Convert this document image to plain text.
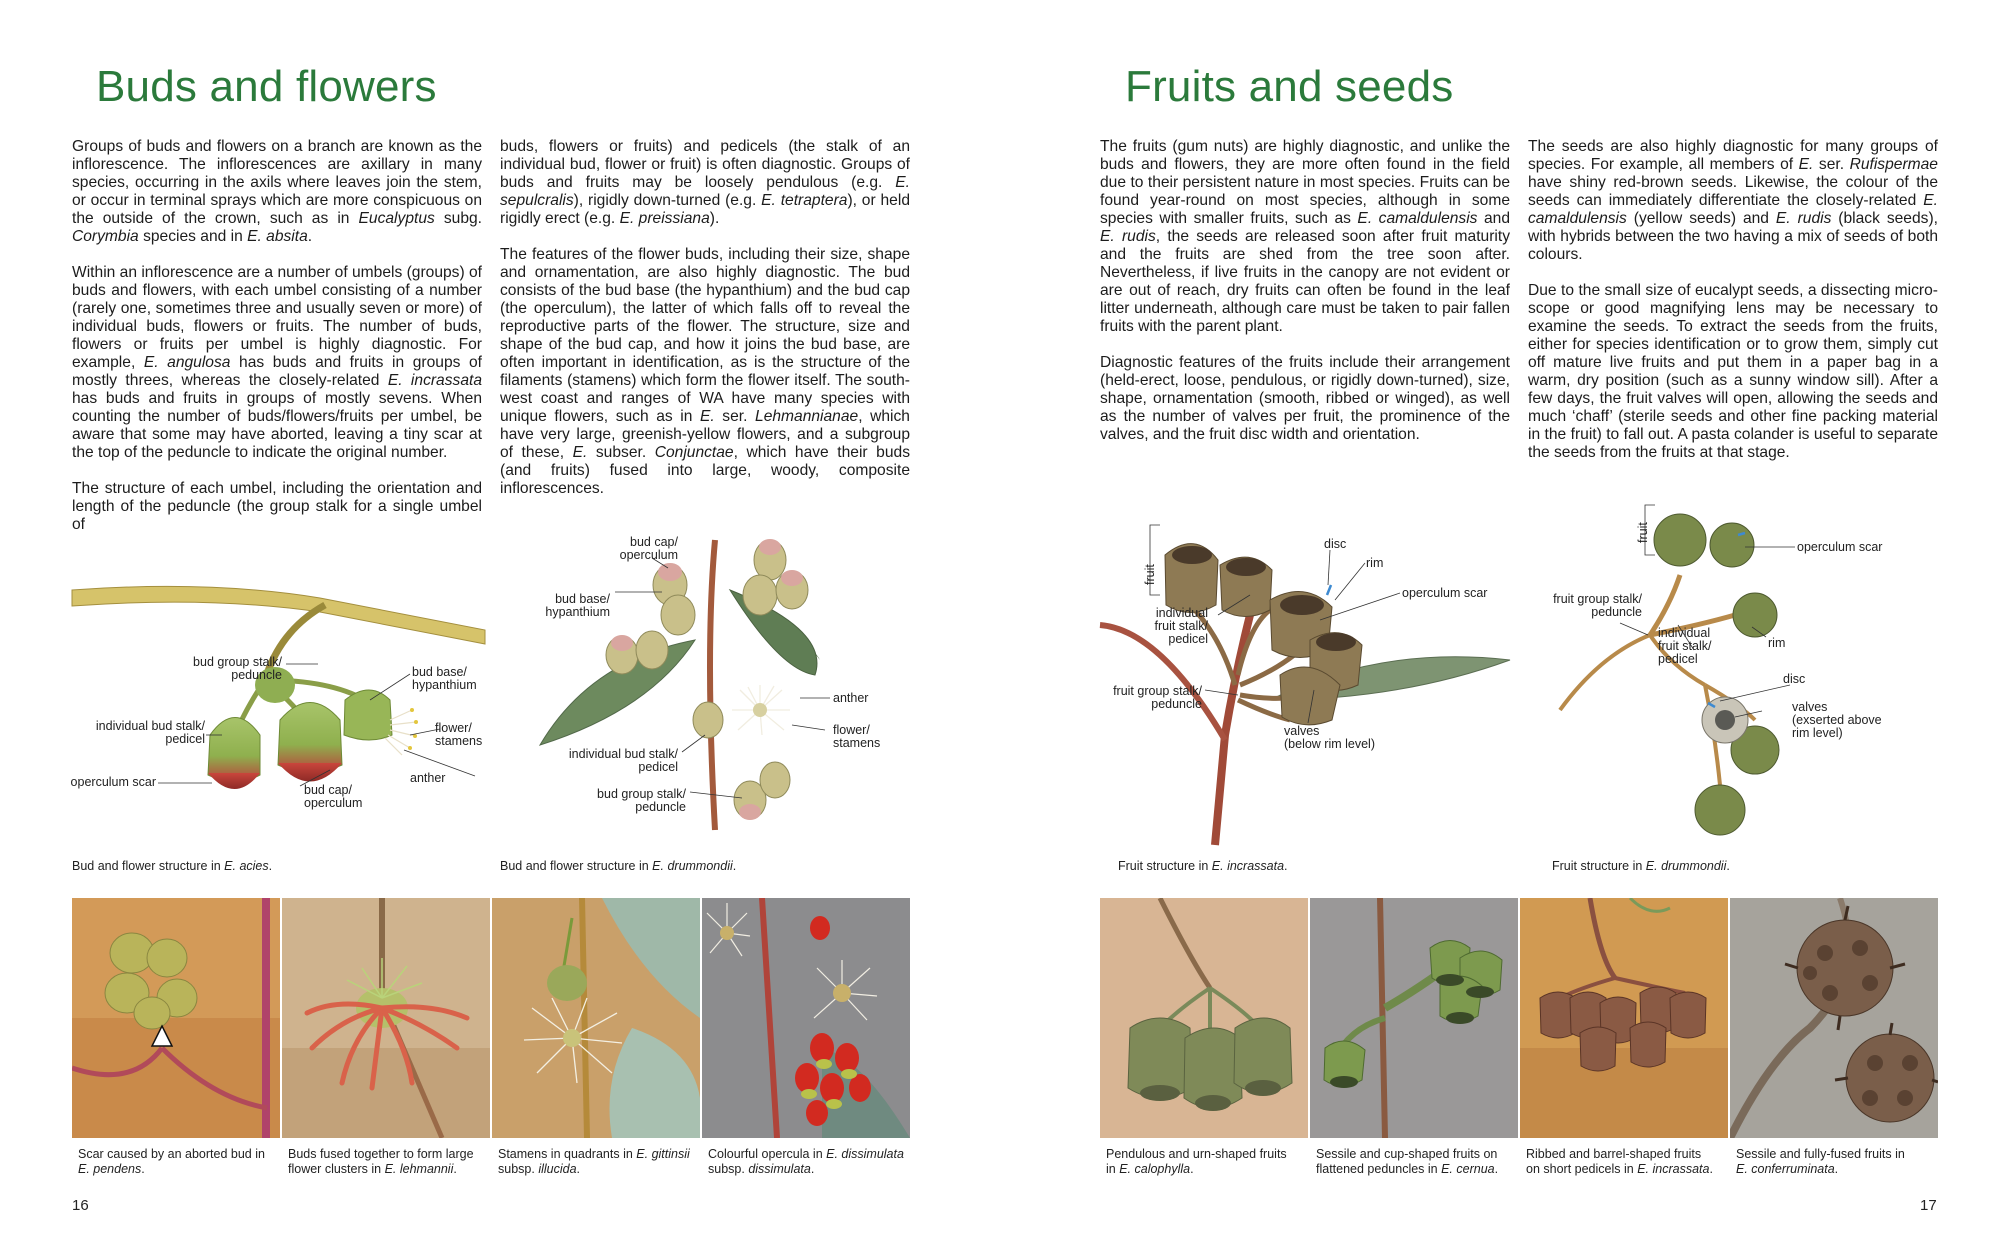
Buds and flowers

Groups of buds and flowers on a branch are known as the inflorescence. The inflorescences are axillary in many species, occurring in the axils where leaves join the stem, or occur in terminal sprays which are more conspicuous on the outside of the crown, such as in Eucalyptus subg. Corymbia species and in E. absita.

Within an inflorescence are a number of umbels (groups) of buds and flowers, with each umbel consisting of a number (rarely one, sometimes three and usually seven or more) of individual buds, flowers or fruits. The number of buds, flowers or fruits per umbel is highly diagnostic. For example, E. angulosa has buds and fruits in groups of mostly threes, whereas the closely-related E. incrassata has buds and fruits in groups of mostly sevens. When counting the number of buds/flowers/fruits per umbel, be aware that some may have aborted, leaving a tiny scar at the top of the peduncle to indicate the original number.

The structure of each umbel, including the orientation and length of the peduncle (the group stalk for a single umbel of

buds, flowers or fruits) and pedicels (the stalk of an individual bud, flower or fruit) is often diagnostic. Groups of buds and fruits may be loosely pendulous (e.g. E. sepulcralis), rigidly down-turned (e.g. E. tetraptera), or held rigidly erect (e.g. E. preissiana).

The features of the flower buds, including their size, shape and ornamentation, are also highly diagnostic. The bud consists of the bud base (the hypanthium) and the bud cap (the operculum), the latter of which falls off to reveal the reproductive parts of the flower. The structure, size and shape of the bud cap, and how it joins the bud base, are often important in identification, as is the structure of the filaments (stamens) which form the flower itself. The south-west coast and ranges of WA have many species with unique flowers, such as in E. ser. Lehmannianae, which have very large, greenish-yellow flowers, and a subgroup of these, E. subser. Conjunctae, which have their buds (and fruits) fused into large, woody, composite inflorescences.

bud group stalk/
peduncle
individual bud stalk/
pedicel
operculum scar
bud base/
hypanthium
flower/
stamens
anther
bud cap/
operculum
Bud and flower structure in E. acies.
bud cap/
operculum
bud base/
hypanthium
anther
flower/
stamens
individual bud stalk/
pedicel
bud group stalk/
peduncle
Bud and flower structure in E. drummondii.
Scar caused by an aborted bud in
E. pendens.
Buds fused together to form large
flower clusters in E. lehmannii.
Stamens in quadrants in E. gittinsii
subsp. illucida.
Colourful opercula in E. dissimulata
subsp. dissimulata.
16
Fruits and seeds

The fruits (gum nuts) are highly diagnostic, and unlike the buds and flowers, they are more often found in the field due to their persistent nature in most species. Fruits can be found year-round on most species, although in some species with smaller fruits, such as E. camaldulensis and E. rudis, the seeds are released soon after fruit maturity and the fruits are shed from the tree soon after. Nevertheless, if live fruits in the canopy are not evident or are out of reach, dry fruits can often be found in the leaf litter underneath, although care must be taken to pair fallen fruits with the parent plant.

Diagnostic features of the fruits include their arrangement (held-erect, loose, pendulous, or rigidly down-turned), size, shape, ornamentation (smooth, ribbed or winged), as well as the number of valves per fruit, the prominence of the valves, and the fruit disc width and orientation.

The seeds are also highly diagnostic for many groups of species. For example, all members of E. ser. Rufispermae have shiny red-brown seeds. Likewise, the colour of the seeds can immediately differentiate the closely-related E. camaldulensis (yellow seeds) and E. rudis (black seeds), with hybrids between the two having a mix of seeds of both colours.

Due to the small size of eucalypt seeds, a dissecting micro-scope or good magnifying lens may be necessary to examine the seeds. To extract the seeds from the fruits, either for species identification or to grow them, simply cut off mature live fruits and put them in a paper bag in a warm, dry position (such as a sunny window sill). After a few days, the fruit valves will open, allowing the seeds and much ‘chaff’ (sterile seeds and other fine packing material in the fruit) to fall out. A pasta colander is useful to separate the seeds from the fruits at that stage.

fruit
disc
rim
operculum scar
individual
fruit stalk/
pedicel
fruit group stalk/
peduncle
valves
(below rim level)
Fruit structure in E. incrassata.
fruit
operculum scar
fruit group stalk/
peduncle
individual
fruit stalk/
pedicel
rim
disc
valves
(exserted above
rim level)
Fruit structure in E. drummondii.
Pendulous and urn-shaped fruits
in E. calophylla.
Sessile and cup-shaped fruits on
flattened peduncles in E. cernua.
Ribbed and barrel-shaped fruits
on short pedicels in E. incrassata.
Sessile and fully-fused fruits in
E. conferruminata.
17
